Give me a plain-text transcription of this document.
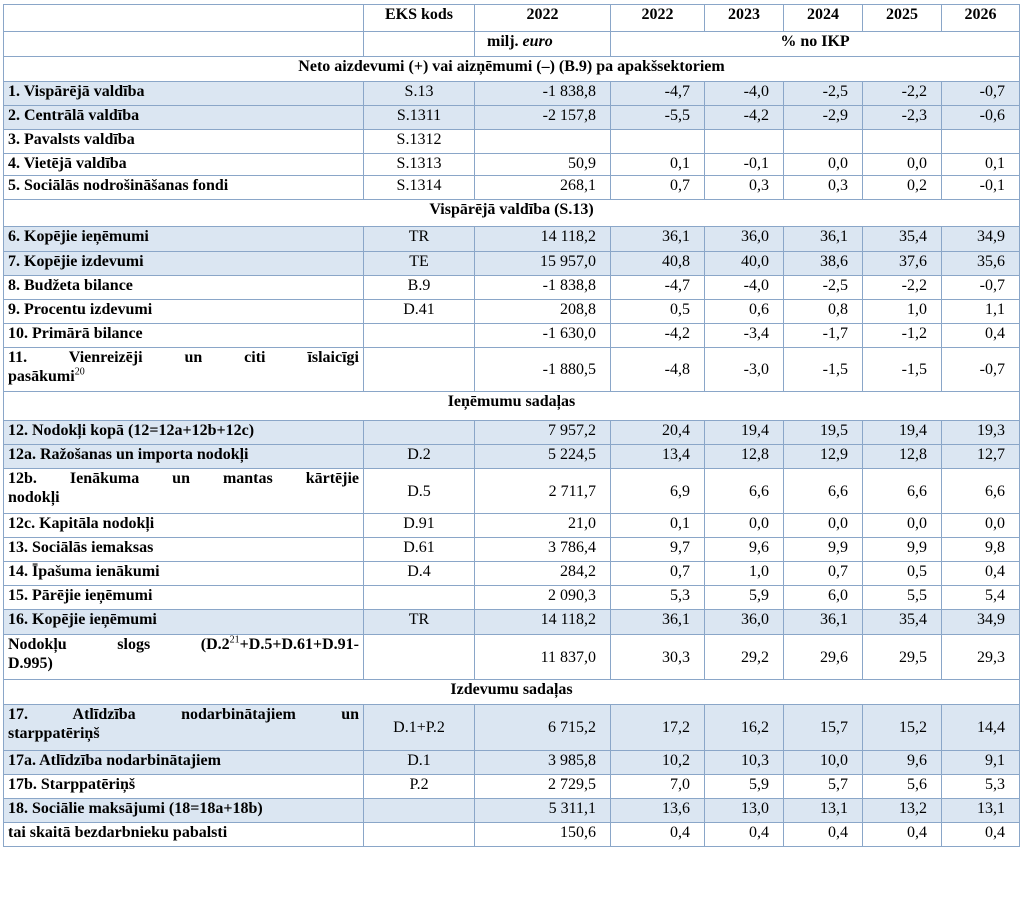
	EKS kods	2022	2022	2023	2024	2025	2026
		milj. euro	% no IKP				
Neto aizdevumi (+) vai aizņēmumi (–) (B.9) pa apakšsektoriem							
1. Vispārējā valdība	S.13	-1 838,8	-4,7	-4,0	-2,5	-2,2	-0,7
2. Centrālā valdība	S.1311	-2 157,8	-5,5	-4,2	-2,9	-2,3	-0,6
3. Pavalsts valdība	S.1312						
4. Vietējā valdība	S.1313	50,9	0,1	-0,1	0,0	0,0	0,1
5. Sociālās nodrošināšanas fondi	S.1314	268,1	0,7	0,3	0,3	0,2	-0,1
Vispārējā valdība (S.13)							
6. Kopējie ieņēmumi	TR	14 118,2	36,1	36,0	36,1	35,4	34,9
7. Kopējie izdevumi	TE	15 957,0	40,8	40,0	38,6	37,6	35,6
8. Budžeta bilance	B.9	-1 838,8	-4,7	-4,0	-2,5	-2,2	-0,7
9. Procentu izdevumi	D.41	208,8	0,5	0,6	0,8	1,0	1,1
10. Primārā bilance		-1 630,0	-4,2	-3,4	-1,7	-1,2	0,4

11. Vienreizēji un citi īslaicīgi
pasākumi$^{20}$		-1 880,5	-4,8	-3,0	-1,5	-1,5	-0,7
Ieņēmumu sadaļas							
12. Nodokļi kopā (12=12a+12b+12c)		7 957,2	20,4	19,4	19,5	19,4	19,3
12a. Ražošanas un importa nodokļi	D.2	5 224,5	13,4	12,8	12,9	12,8	12,7

12b. Ienākuma un mantas kārtējie
nodokļi	D.5	2 711,7	6,9	6,6	6,6	6,6	6,6
12c. Kapitāla nodokļi	D.91	21,0	0,1	0,0	0,0	0,0	0,0
13. Sociālās iemaksas	D.61	3 786,4	9,7	9,6	9,9	9,9	9,8
14. Īpašuma ienākumi	D.4	284,2	0,7	1,0	0,7	0,5	0,4
15. Pārējie ieņēmumi		2 090,3	5,3	5,9	6,0	5,5	5,4
16. Kopējie ieņēmumi	TR	14 118,2	36,1	36,0	36,1	35,4	34,9

Nodokļu slogs ($D.2^{21}+D.5+D.61+D.91-$
D.995)		11 837,0	30,3	29,2	29,6	29,5	29,3
Izdevumu sadaļas							

17. Atlīdzība nodarbinātajiem un
starppatēriņš	D.1+P.2	6 715,2	17,2	16,2	15,7	15,2	14,4
17a. Atlīdzība nodarbinātajiem	D.1	3 985,8	10,2	10,3	10,0	9,6	9,1
17b. Starppatēriņš	P.2	2 729,5	7,0	5,9	5,7	5,6	5,3
18. Sociālie maksājumi (18=18a+18b)		5 311,1	13,6	13,0	13,1	13,2	13,1
tai skaitā bezdarbnieku pabalsti		150,6	0,4	0,4	0,4	0,4	0,4
